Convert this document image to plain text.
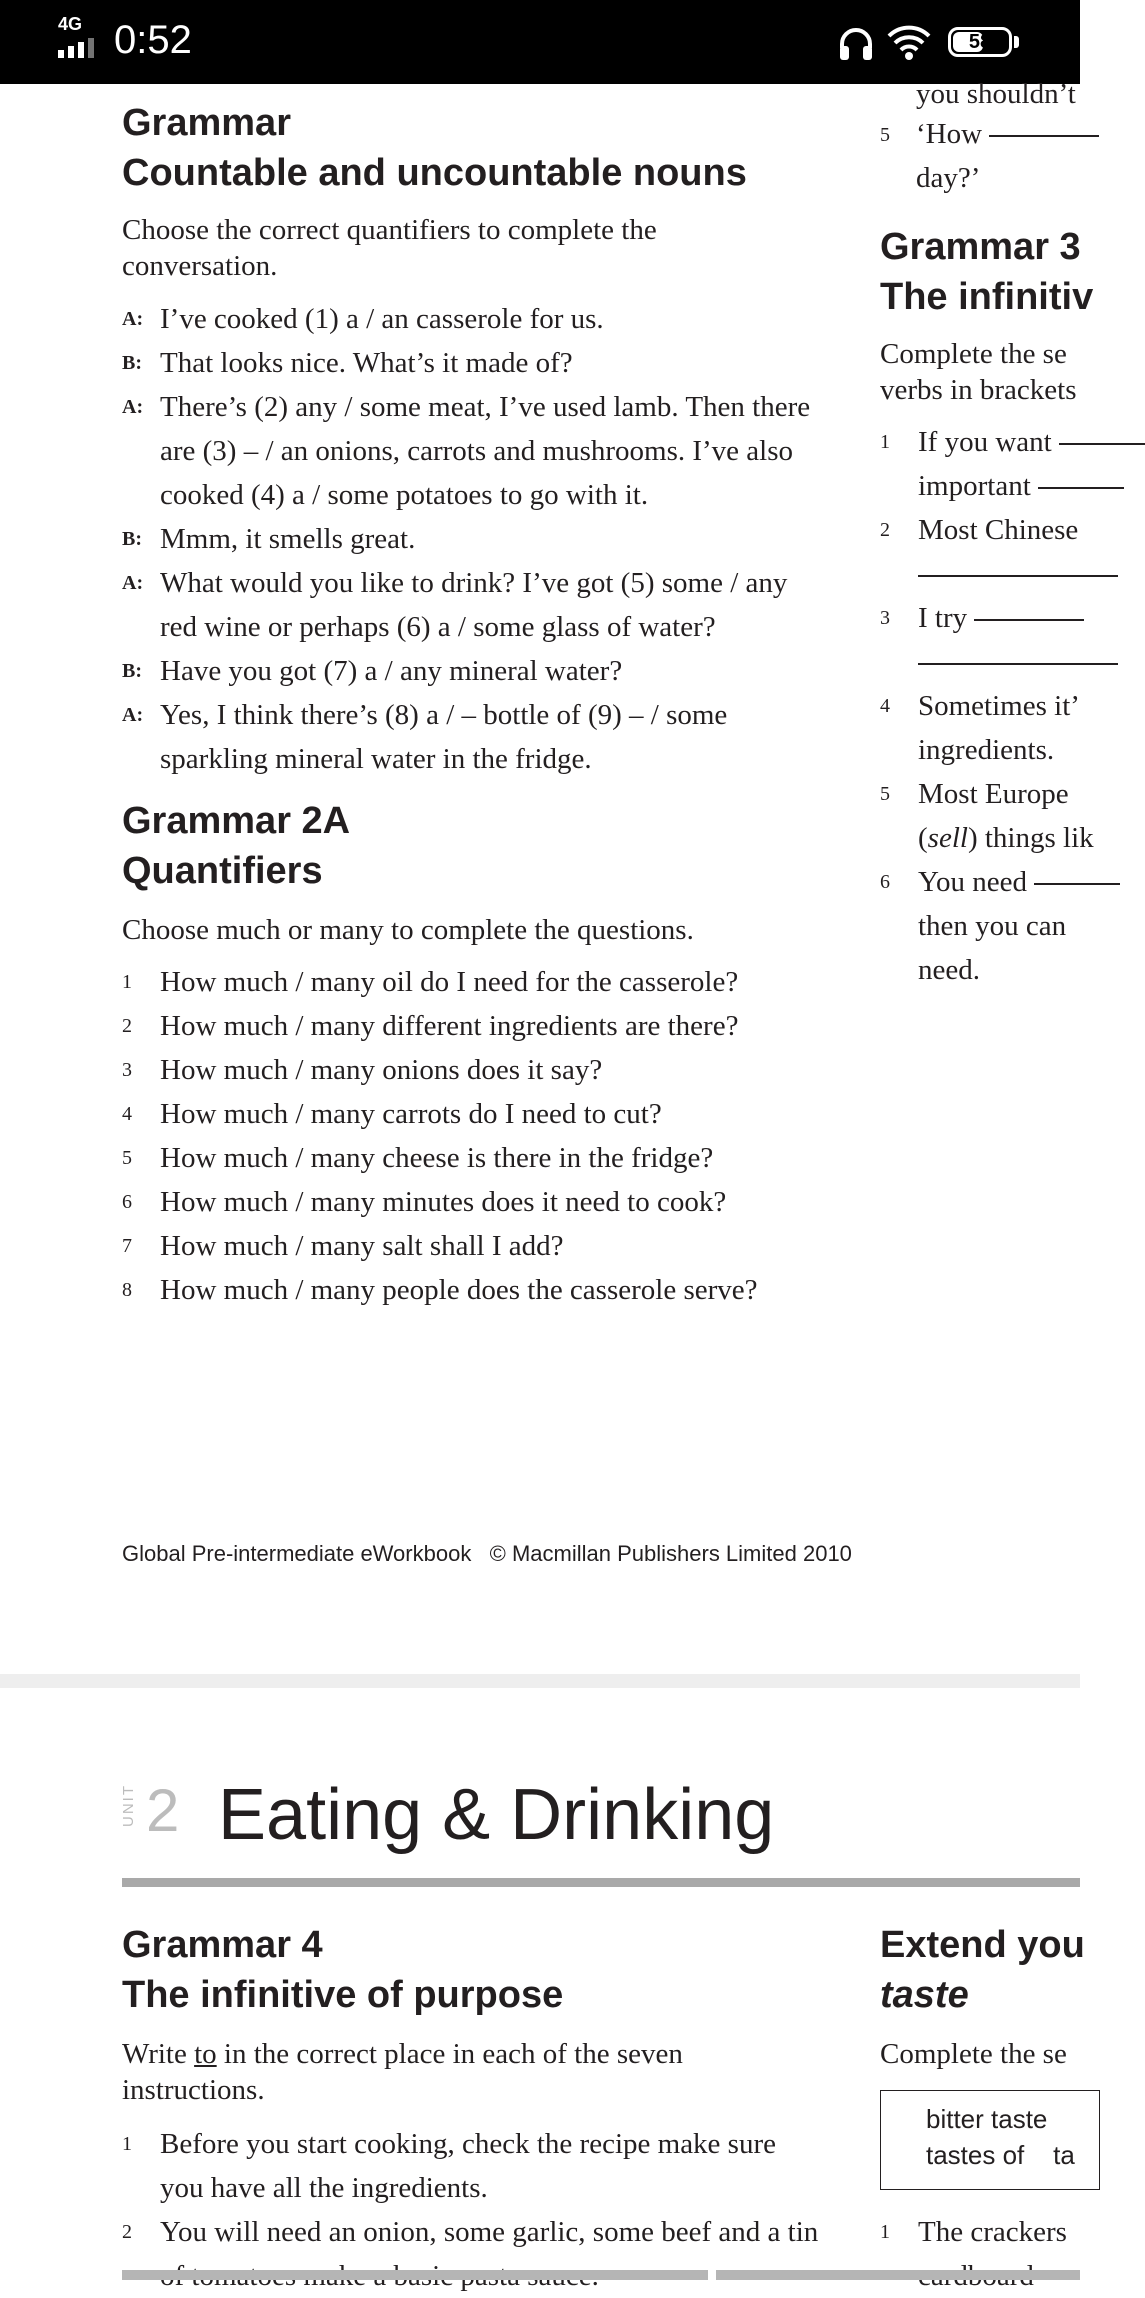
4G 0:52	58
Grammar
Countable and uncountable nouns
Choose the correct quantifiers to complete the conversation.
A: I’ve cooked (1) a / an casserole for us.
B: That looks nice. What’s it made of?
A: There’s (2) any / some meat, I’ve used lamb. Then there
are (3) – / an onions, carrots and mushrooms. I’ve also
cooked (4) a / some potatoes to go with it.
B: Mmm, it smells great.
A: What would you like to drink? I’ve got (5) some / any
red wine or perhaps (6) a / some glass of water?
B: Have you got (7) a / any mineral water?
A: Yes, I think there’s (8) a / – bottle of (9) – / some
sparkling mineral water in the fridge.
Grammar 2A
Quantifiers
Choose much or many to complete the questions.
1 How much / many oil do I need for the casserole?
2 How much / many different ingredients are there?
3 How much / many onions does it say?
4 How much / many carrots do I need to cut?
5 How much / many cheese is there in the fridge?
6 How much / many minutes does it need to cook?
7 How much / many salt shall I add?
8 How much / many people does the casserole serve?
Global Pre-intermediate eWorkbook   © Macmillan Publishers Limited 2010
you shouldn’t
5 ‘How
day?’
Grammar 3
The infinitiv
Complete the se
verbs in brackets
1 If you want
important
2 Most Chinese
3 I try
4 Sometimes it’
ingredients.
5 Most Europe
(sell) things lik
6 You need
then you can
need.
UNIT 2 Eating & Drinking
Grammar 4
The infinitive of purpose
Write to in the correct place in each of the seven instructions.
1 Before you start cooking, check the recipe make sure
you have all the ingredients.
2 You will need an onion, some garlic, some beef and a tin
Extend you
taste
Complete the se
bitter taste
tastes of    ta
1 The crackers
